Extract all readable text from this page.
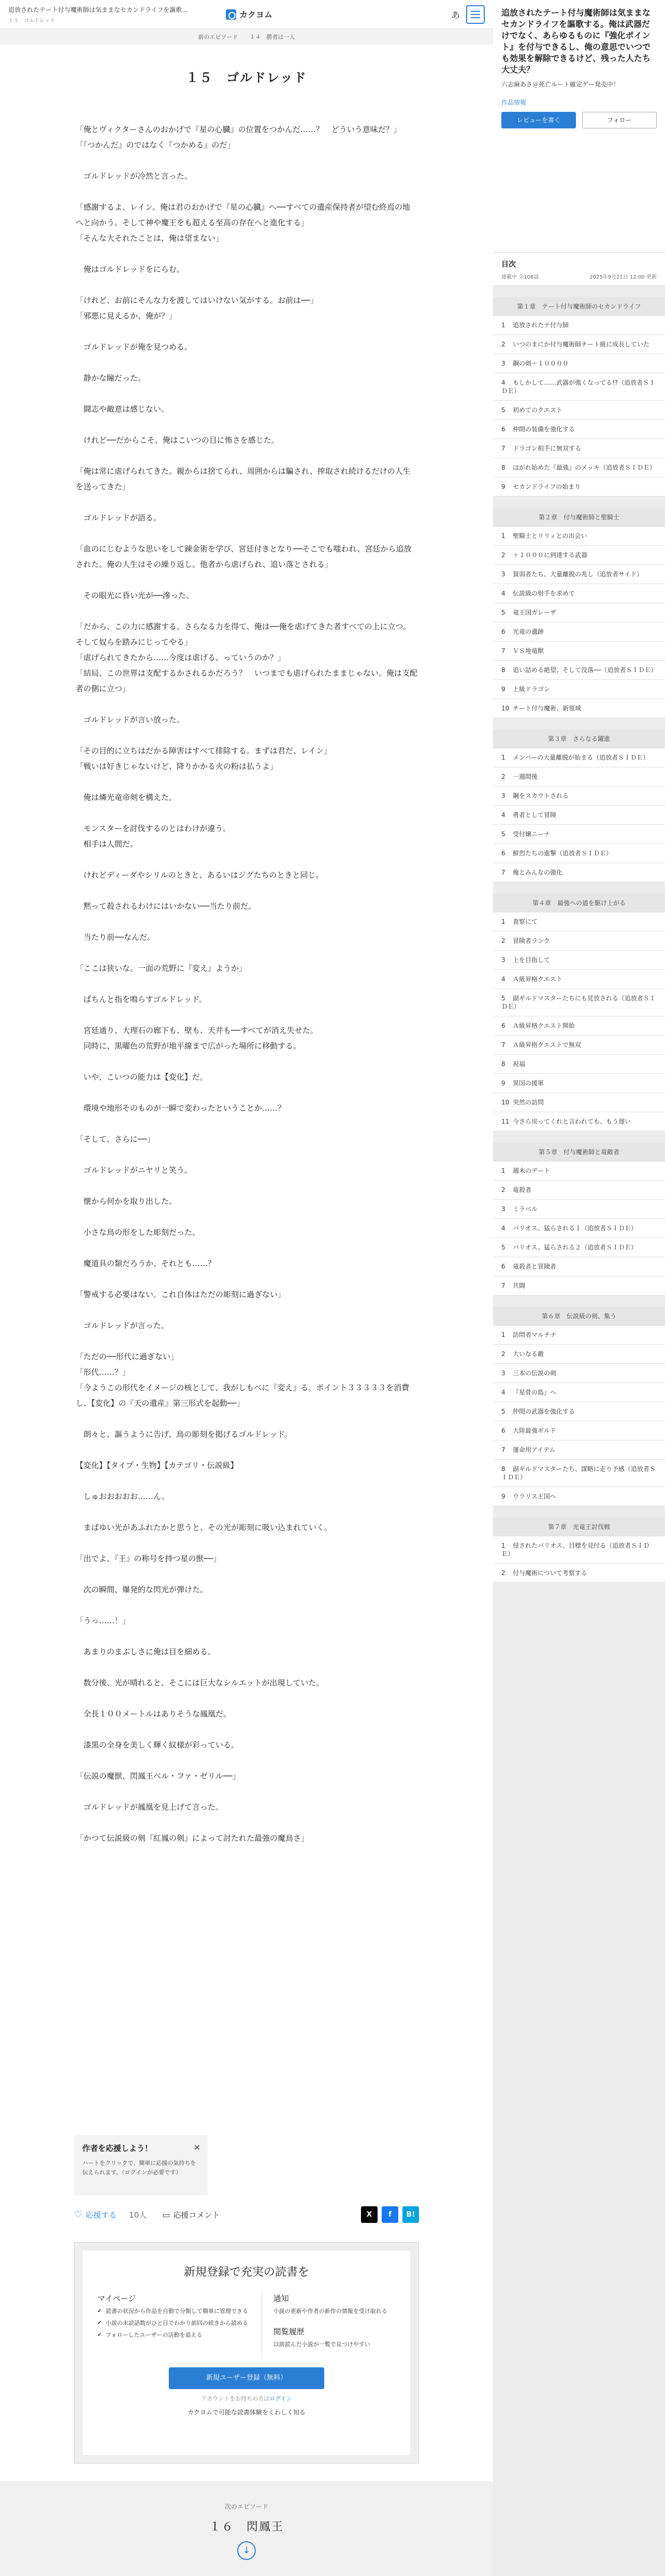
追放されたテート付与魔術師は気ままなセカンドライフを謳歌…
１５　ゴルドレッド
カクヨム	あ
前のエピソード １４　勝者は一人
１５　ゴルドレッド

「俺とヴィクターさんのおかげで『星の心臓』の位置をつかんだ……？　どういう意味だ？」

「『つかんだ』のではなく『つかめる』のだ」

　ゴルドレッドが冷然と言った。

「感謝するよ、レイン。俺は君のおかげで『星の心臓』へ──すべての遺産保持者が望む終焉の地へと向かう。そして神や魔王をも超える至高の存在へと進化する」

「そんな大それたことは、俺は望まない」

　俺はゴルドレッドをにらむ。

「けれど、お前にそんな力を渡してはいけない気がする。お前は──」

「邪悪に見えるか、俺が？」

　ゴルドレッドが俺を見つめる。

　静かな瞳だった。

　闘志や敵意は感じない。

　けれど──だからこそ、俺はこいつの目に怖さを感じた。

「俺は常に虐げられてきた。親からは捨てられ、周囲からは騙され、搾取され続けるだけの人生を送ってきた」

　ゴルドレッドが語る。

「血のにじむような思いをして錬金術を学び、宮廷付きとなり──そこでも嗤われ、宮廷から追放された。俺の人生はその繰り返し。他者から虐げられ、追い落とされる」

　その眼光に昏い光が──滲った。

「だから、この力に感謝する。さらなる力を得て、俺は──俺を虐げてきた者すべての上に立つ。そして奴らを踏みにじってやる」

「虐げられてきたから……今度は虐げる、っていうのか？」

「結局、この世界は支配するかされるかだろう？　いつまでも虐げられたままじゃない。俺は支配者の側に立つ」

　ゴルドレッドが言い放った。

「その目的に立ちはだかる障害はすべて排除する。まずは君だ、レイン」

「戦いは好きじゃないけど、降りかかる火の粉は払うよ」

　俺は燐光竜帝剣を構えた。

　モンスターを討伐するのとはわけが違う。

　相手は人間だ。

　けれどディーダやシリルのときと、あるいはジグたちのときと同じ。

　黙って殺されるわけにはいかない──当たり前だ。

　当たり前──なんだ。

「ここは狭いな。一面の荒野に『変え』ようか」

　ぱちんと指を鳴らすゴルドレッド。

　宮廷通り、大理石の廊下も、壁も、天井も──すべてが消え失せた。

　同時に、黒曜色の荒野が地平線まで広がった場所に移動する。

　いや、こいつの能力は【変化】だ。

　環境や地形そのものが一瞬で変わったということか……？

「そして、さらに──」

　ゴルドレッドがニヤリと笑う。

　懐から何かを取り出した。

　小さな鳥の形をした彫刻だった。

　魔道具の類だろうか、それとも……？

「警戒する必要はない。これ自体はただの彫刻に過ぎない」

　ゴルドレッドが言った。

「ただの──形代に過ぎない」

「形代……？」

「今ようこの形代をイメージの核として、我がしもべに『変え』る。ポイント３３３３３を消費し、【変化】の『天の遺産』第三形式を起動──」

　朗々と、謳うように告げ、鳥の彫刻を掲げるゴルドレッド。

【変化】【タイプ・生物】【カテゴリ・伝説級】

　しゅおおおおお……ん。

　まばゆい光があふれたかと思うと、その光が彫刻に吸い込まれていく。

「出でよ、『王』の称号を持つ星の獣──」

　次の瞬間、爆発的な閃光が弾けた。

「うっ……！」

　あまりのまぶしさに俺は目を細める。

　数分後、光が晴れると、そこには巨大なシルエットが出現していた。

　全長１００メートルはありそうな鳳凰だ。

　漆黒の全身を美しく輝く紋様が彩っている。

「伝説の魔獣、閃鳳王ベル・ファ・ゼリル──」

　ゴルドレッドが鳳凰を見上げて言った。

「かつて伝説級の剣『紅鳳の剣』によって討たれた最強の魔鳥さ」

作者を応援しよう！
ハートをクリックで、簡単に応援の気持ちを伝えられます。（ログインが必要です）
✕
♡ 応援する 10人 ▭ 応援コメント	X	f	B!
新規登録で充実の読書を
マイページ
✔ 読書の状況から作品を自動で分類して簡単に管理できる
✔ 小説の未読話数がひと目でわかり前回の続きから読める
✔ フォローしたユーザーの活動を追える
通知
小説の更新や作者の新作の情報を受け取れる
閲覧履歴
以前読んだ小説が一覧で見つけやすい
新規ユーザー登録（無料）
アカウントをお持ちの方はログイン
カクヨムで可能な読書体験をくわしく知る
次のエピソード
１６　閃鳳王
↓
追放されたテート付与魔術師は気ままなセカンドライフを謳歌する。俺は武器だけでなく、あらゆるものに『強化ポイント』を付与できるし、俺の意思でいつでも効果を解除できるけど、残った人たち大丈夫？
六志麻あさ＠死亡ルート確定ゲー発売中！
作品情報
レビューを書く	フォロー
目次
連載中 全108話	2025年9月21日 12:00 更新
第１章　テート付与魔術師のセカンドライフ
1 追放されたテ付与師
2 いつのまにか付与魔術師チート級に成長していた
3 鋼の剣＋１００００
4 もしかして……武器が強くなってる!?（追放者ＳＩＤＥ）
5 初めてのクエスト
6 仲間の装備を強化する
7 ドラゴン相手に無双する
8 はがれ始めた『最強』のメッキ（追放者ＳＩＤＥ）
9 セカンドライフの始まり
第２章　付与魔術師と聖騎士
1 聖騎士とリリィとの出会い
2 ＋１０００に到達する武器
3 貧弱者たち、大量離脱の兆し（追放者サイド）
4 伝説級の射手を求めて
5 竜王国ガレーザ
6 光竜の遺跡
7 ＶＳ地竜獣
8 追い詰める絶望、そして没落──（追放者ＳＩＤＥ）
9 上級ドラゴン
10 チート付与魔術、新領域
第３章　さらなる躍進
1 メンバーの大量離脱が始まる（追放者ＳＩＤＥ）
2 一週間後
3 鋼をスカウトされる
4 勇者として冒険
5 受付嬢ニーナ
6 鮮烈たちの進撃（追放者ＳＩＤＥ）
7 俺とみんなの強化
第４章　最強への道を駆け上がる
1 査察にて
2 冒険者ランク
3 上を目指して
4 Ａ級昇格クエスト
5 副ギルドマスターたちにも見放される（追放者ＳＩＤＥ）
6 Ａ級昇格クエスト開始
7 Ａ級昇格クエストで無双
8 祝福
9 異国の援軍
10 突然の訪問
11 今さら戻ってくれと言われても、もう遅い
第５章　付与魔術師と竜敵者
1 週末のデート
2 竜殺者
3 ミラベル
4 バリオス、猛らされる１（追放者ＳＩＤＥ）
5 バリオス、猛らされる２（追放者ＳＩＤＥ）
6 竜殺者と冒険者
7 共闘
第６章　伝説級の剣、集う
1 訪問者マルチナ
2 大いなる敵
3 三本の伝説の剣
4 『星骨の島』へ
5 仲間の武器を強化する
6 大陸最強ギルド
7 運命用アイテム
8 副ギルドマスターたち、謀略に走り予感（追放者ＳＩＤＥ）
9 ウラリス王国へ
第７章　光竜王討伐戦
1 侵されたバリオス、目標を見付る（追放者ＳＩＤＥ）
2 付与魔術について考察する
